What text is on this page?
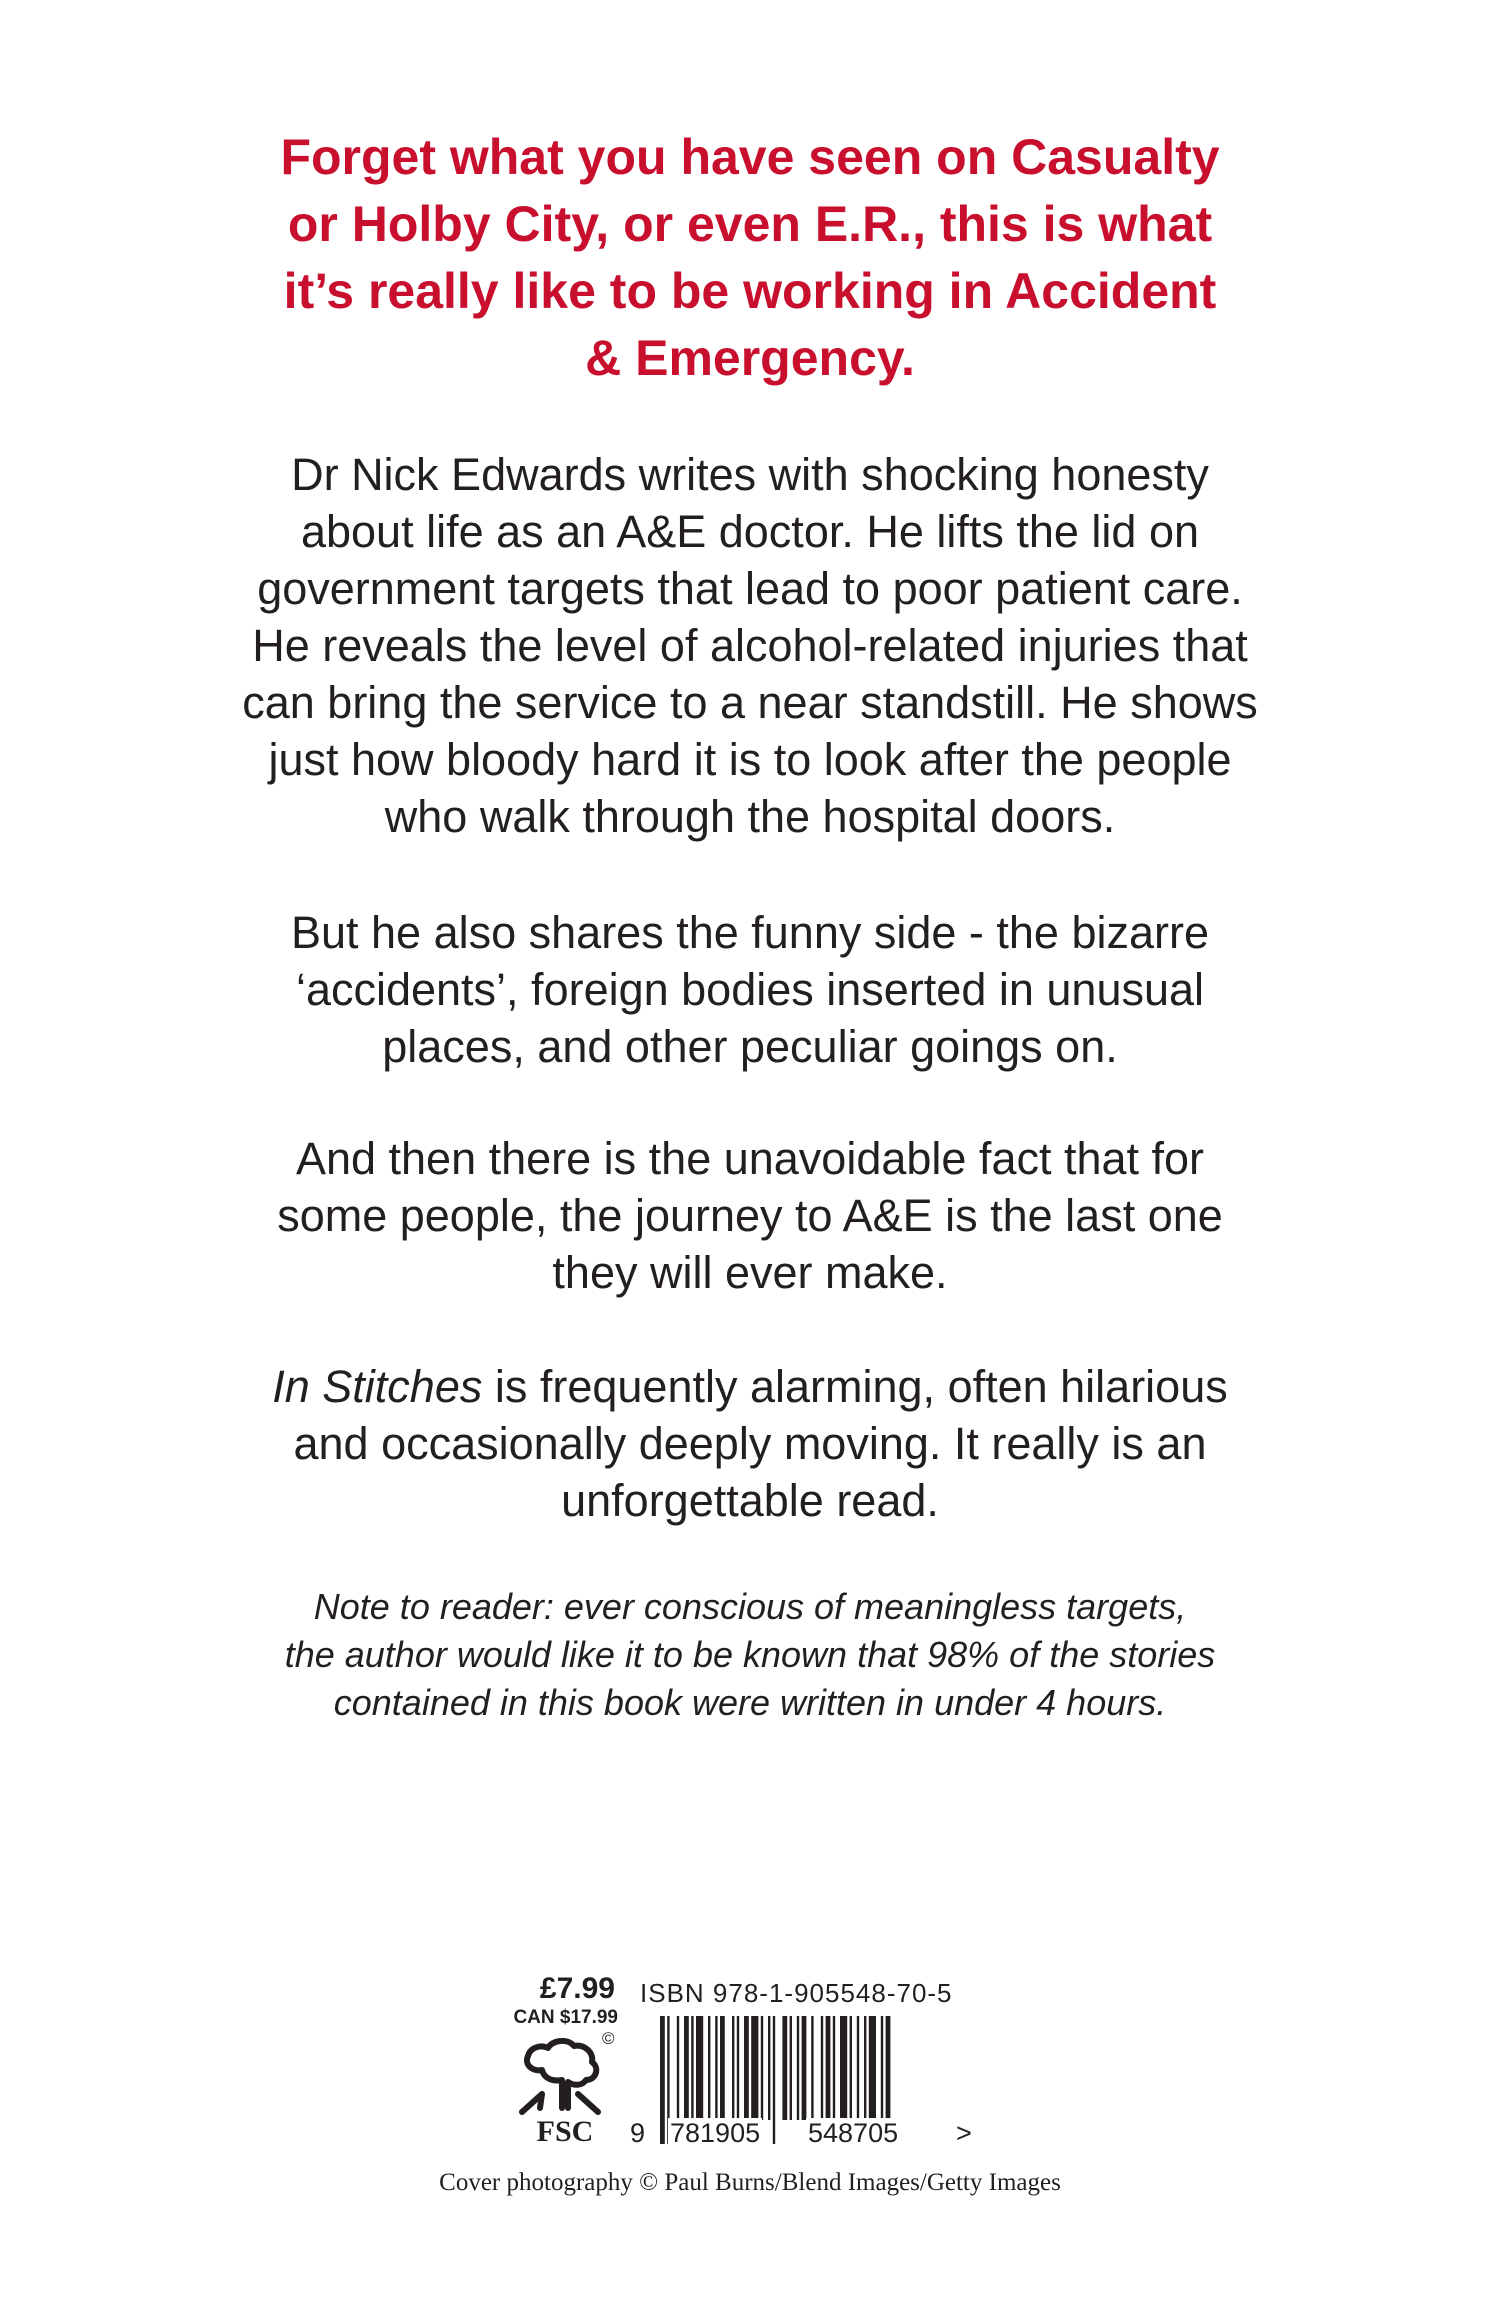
Forget what you have seen on Casualty
or Holby City, or even E.R., this is what
it’s really like to be working in Accident
& Emergency.
Dr Nick Edwards writes with shocking honesty
about life as an A&E doctor. He lifts the lid on
government targets that lead to poor patient care.
He reveals the level of alcohol-related injuries that
can bring the service to a near standstill. He shows
just how bloody hard it is to look after the people
who walk through the hospital doors.
But he also shares the funny side - the bizarre
‘accidents’, foreign bodies inserted in unusual
places, and other peculiar goings on.
And then there is the unavoidable fact that for
some people, the journey to A&E is the last one
they will ever make.
In Stitches is frequently alarming, often hilarious
and occasionally deeply moving. It really is an
unforgettable read.
Note to reader: ever conscious of meaningless targets,
the author would like it to be known that 98% of the stories
contained in this book were written in under 4 hours.
£7.99
CAN $17.99
©
FSC
ISBN 978-1-905548-70-5
9 781905 548705 >
Cover photography © Paul Burns/Blend Images/Getty Images
